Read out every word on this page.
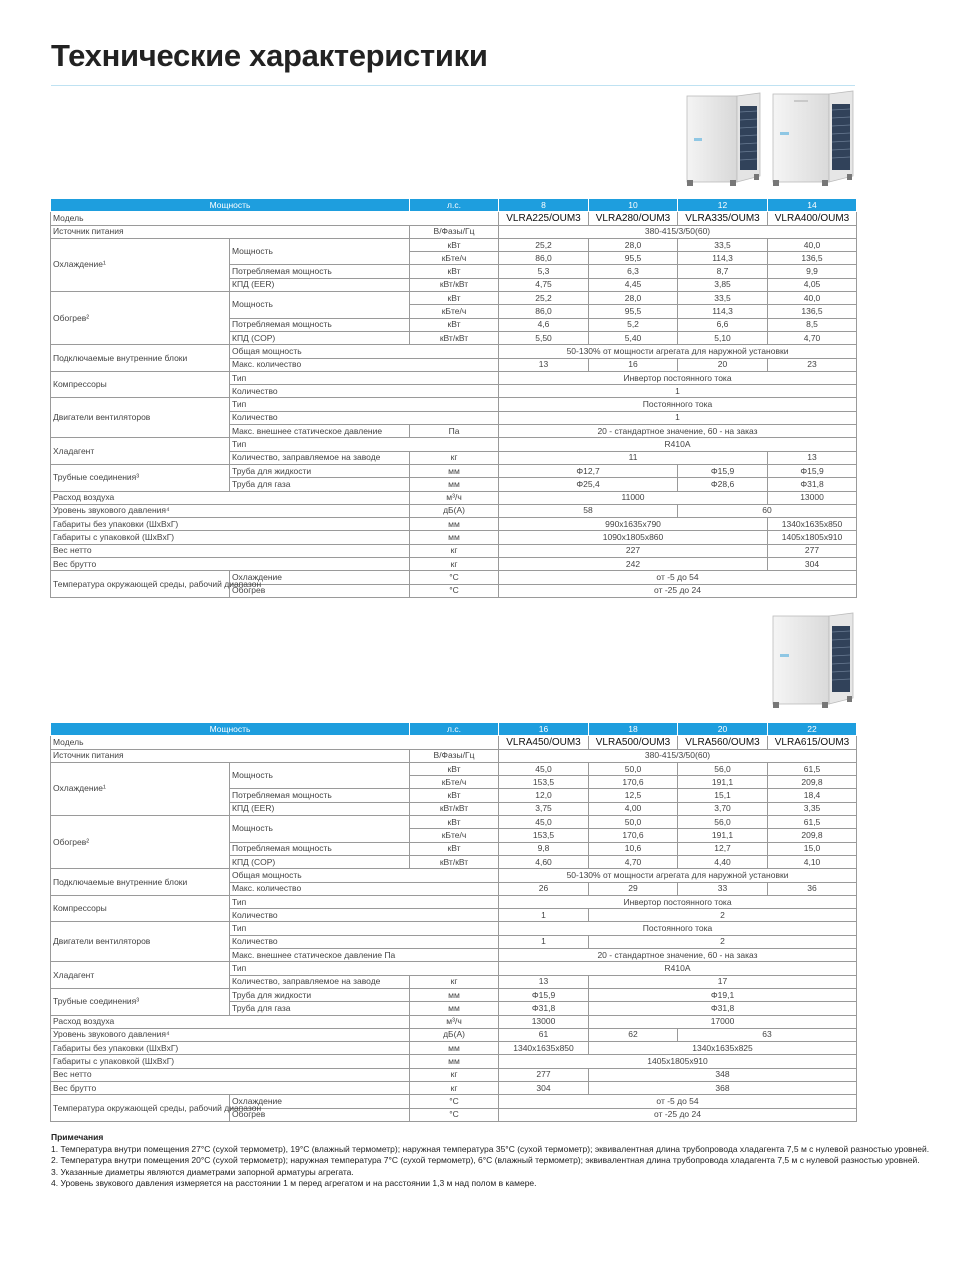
Технические характеристики
Мощность		л.с.	8	10	12	14
Модель			VLRA225/OUM3	VLRA280/OUM3	VLRA335/OUM3	VLRA400/OUM3
Источник питания		В/Фазы/Гц	380-415/3/50(60)			
Охлаждение¹	Мощность	кВт	25,2	28,0	33,5	40,0
		кБте/ч	86,0	95,5	114,3	136,5
	Потребляемая мощность	кВт	5,3	6,3	8,7	9,9
	КПД (EER)	кВт/кВт	4,75	4,45	3,85	4,05
Обогрев²	Мощность	кВт	25,2	28,0	33,5	40,0
		кБте/ч	86,0	95,5	114,3	136,5
	Потребляемая мощность	кВт	4,6	5,2	6,6	8,5
	КПД (COP)	кВт/кВт	5,50	5,40	5,10	4,70
Подключаемые внутренние блоки	Общая мощность		50-130% от мощности агрегата для наружной установки			
	Макс. количество		13	16	20	23
Компрессоры	Тип		Инвертор постоянного тока			
	Количество		1			
Двигатели вентиляторов	Тип		Постоянного тока			
	Количество		1			
	Макс. внешнее статическое давление	Па	20 - стандартное значение, 60 - на заказ			
Хладагент	Тип		R410A			
	Количество, заправляемое на заводе	кг	11			13
Трубные соединения³	Труба для жидкости	мм	Φ12,7		Φ15,9	Φ15,9
	Труба для газа	мм	Φ25,4		Φ28,6	Φ31,8
Расход воздуха		м³/ч	11000			13000
Уровень звукового давления⁴		дБ(А)	58		60	
Габариты без упаковки (ШхВхГ)		мм	990x1635x790			1340x1635x850
Габариты с упаковкой (ШхВхГ)		мм	1090x1805x860			1405x1805x910
Вес нетто		кг	227			277
Вес брутто		кг	242			304
Температура окружающей среды, рабочий диапазон	Охлаждение	°C	от -5 до 54			
	Обогрев	°C	от -25 до 24			
Мощность		л.с.	16	18	20	22
Модель			VLRA450/OUM3	VLRA500/OUM3	VLRA560/OUM3	VLRA615/OUM3
Источник питания		В/Фазы/Гц	380-415/3/50(60)			
Охлаждение¹	Мощность	кВт	45,0	50,0	56,0	61,5
		кБте/ч	153,5	170,6	191,1	209,8
	Потребляемая мощность	кВт	12,0	12,5	15,1	18,4
	КПД (EER)	кВт/кВт	3,75	4,00	3,70	3,35
Обогрев²	Мощность	кВт	45,0	50,0	56,0	61,5
		кБте/ч	153,5	170,6	191,1	209,8
	Потребляемая мощность	кВт	9,8	10,6	12,7	15,0
	КПД (COP)	кВт/кВт	4,60	4,70	4,40	4,10
Подключаемые внутренние блоки	Общая мощность		50-130% от мощности агрегата для наружной установки			
	Макс. количество		26	29	33	36
Компрессоры	Тип		Инвертор постоянного тока			
	Количество		1	2		
Двигатели вентиляторов	Тип		Постоянного тока			
	Количество		1	2		
	Макс. внешнее статическое давление Па		20 - стандартное значение, 60 - на заказ			
Хладагент	Тип		R410A			
	Количество, заправляемое на заводе	кг	13	17		
Трубные соединения³	Труба для жидкости	мм	Φ15,9	Φ19,1		
	Труба для газа	мм	Φ31,8	Φ31,8		
Расход воздуха		м³/ч	13000	17000		
Уровень звукового давления⁴		дБ(А)	61	62	63	
Габариты без упаковки (ШхВхГ)		мм	1340x1635x850	1340x1635x825		
Габариты с упаковкой (ШхВхГ)		мм	1405x1805x910			
Вес нетто		кг	277	348		
Вес брутто		кг	304	368		
Температура окружающей среды, рабочий диапазон	Охлаждение	°C	от -5 до 54			
	Обогрев	°C	от -25 до 24			
Примечания
1. Температура внутри помещения 27°C (сухой термометр), 19°C (влажный термометр); наружная температура 35°C (сухой термометр); эквивалентная длина трубопровода хладагента 7,5 м с нулевой разностью уровней.
2. Температура внутри помещения 20°C (сухой термометр); наружная температура 7°C (сухой термометр), 6°C (влажный термометр); эквивалентная длина трубопровода хладагента 7,5 м с нулевой разностью уровней.
3. Указанные диаметры являются диаметрами запорной арматуры агрегата.
4. Уровень звукового давления измеряется на расстоянии 1 м перед агрегатом и на расстоянии 1,3 м над полом в камере.
